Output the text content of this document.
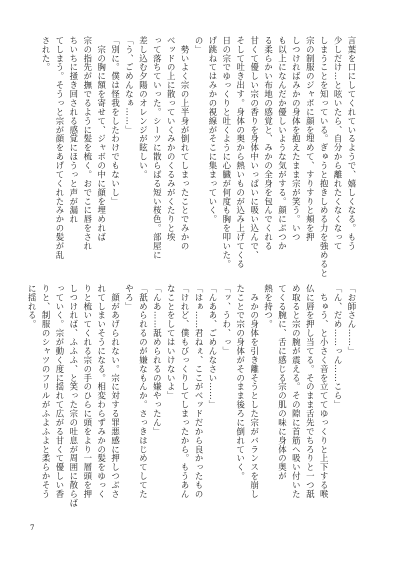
言葉を口にしてくれているようで、嬉しくなる。もう
少しだけ…と呟いたら、自分から離れたくなくなって
しまうことを知っている。ぎゅうと抱きしめる力を強めると
宗の制服のジャボに顔を埋めて、すりすりと頬を押
しつければみかの身体を抱えたまま宗が笑う。いつ
も以上になんだか優しいような気がする。顔にぶつか
る柔らかい布地の感覚と、みかの全身を包んでくれる
甘くて優しい宗の香りを身体中いっぱいに吸い込んで、
そして吐き出す。身体の奥から熱いものが込み上げてくる
日の宗でゆっくりと吐くように心臓が何度も胸を叩いた。
げ跳ねてはみかの視線がそこに集まっていく。
の」
　勢いよく宗の上半身が倒れてしまったことでみかの
ベッドの上に散っていくみかのくるみがくたりと埃
って落ちていった。シーツに散らばる短い桜色。部屋に
差し込む夕陽のオレンジが眩しい。
「う、ごめんなぁ……」
「別に。僕は怪我をしたわけでもないし」
　宗の胸に額を寄せて、ジャボの中に顔を埋めれば
宗の指先が撫でるように髪を梳く。おでこに唇をされ
ちいちに掻き回される感覚にほうっと声が漏れ
てしまう。そうっと宗が顔をあげてくれたみかの髪が乱
された。
「お師さん……」
「ん、だめ……っん……こら」
　ちゅう、と小さく音を立ててゆっくりと上下する喉
仏に唇を押し当てる。そのまま舌先でちろりと一つ舐
め取ると宗の腕が震える。その隙に首筋へ吸い付いた
てくる腕に、舌に感じる宗の肌の味に身体の奥が
熱を持つ。
　みかの身体を引き離そうとした宗がバランスを崩し
たことで宗の身体がそのまま後ろに倒れていく。
「ッ、うわ、っ」
「んああ、ごめんなさい……」
「はぁ……君ねぇ、ここがベッドだから良かったもの
「けれど、僕もびっくりしてしまったから。もうあん
なことをしてはいけないよ」
「んあ……舐められるの嫌やったん」
「舐められるのが嫌なもんか。さっきはじめてしてた
やろ」
　顔があげられない。宗に対する罪悪感に押しつぶさ
れてしまいそうになる。相変わらずみかの髪をゆっく
りと梳いてくれる宗の手のひらに頭をより一層頭を押
しつければ、ふふふ、と笑った宗の吐息が周囲に散らば
っていく。宗が動く度に揺れて広がる甘くて優しい香
りと、制服のシャツのフリルがふよふよと柔らかそう
に揺れる。
7
